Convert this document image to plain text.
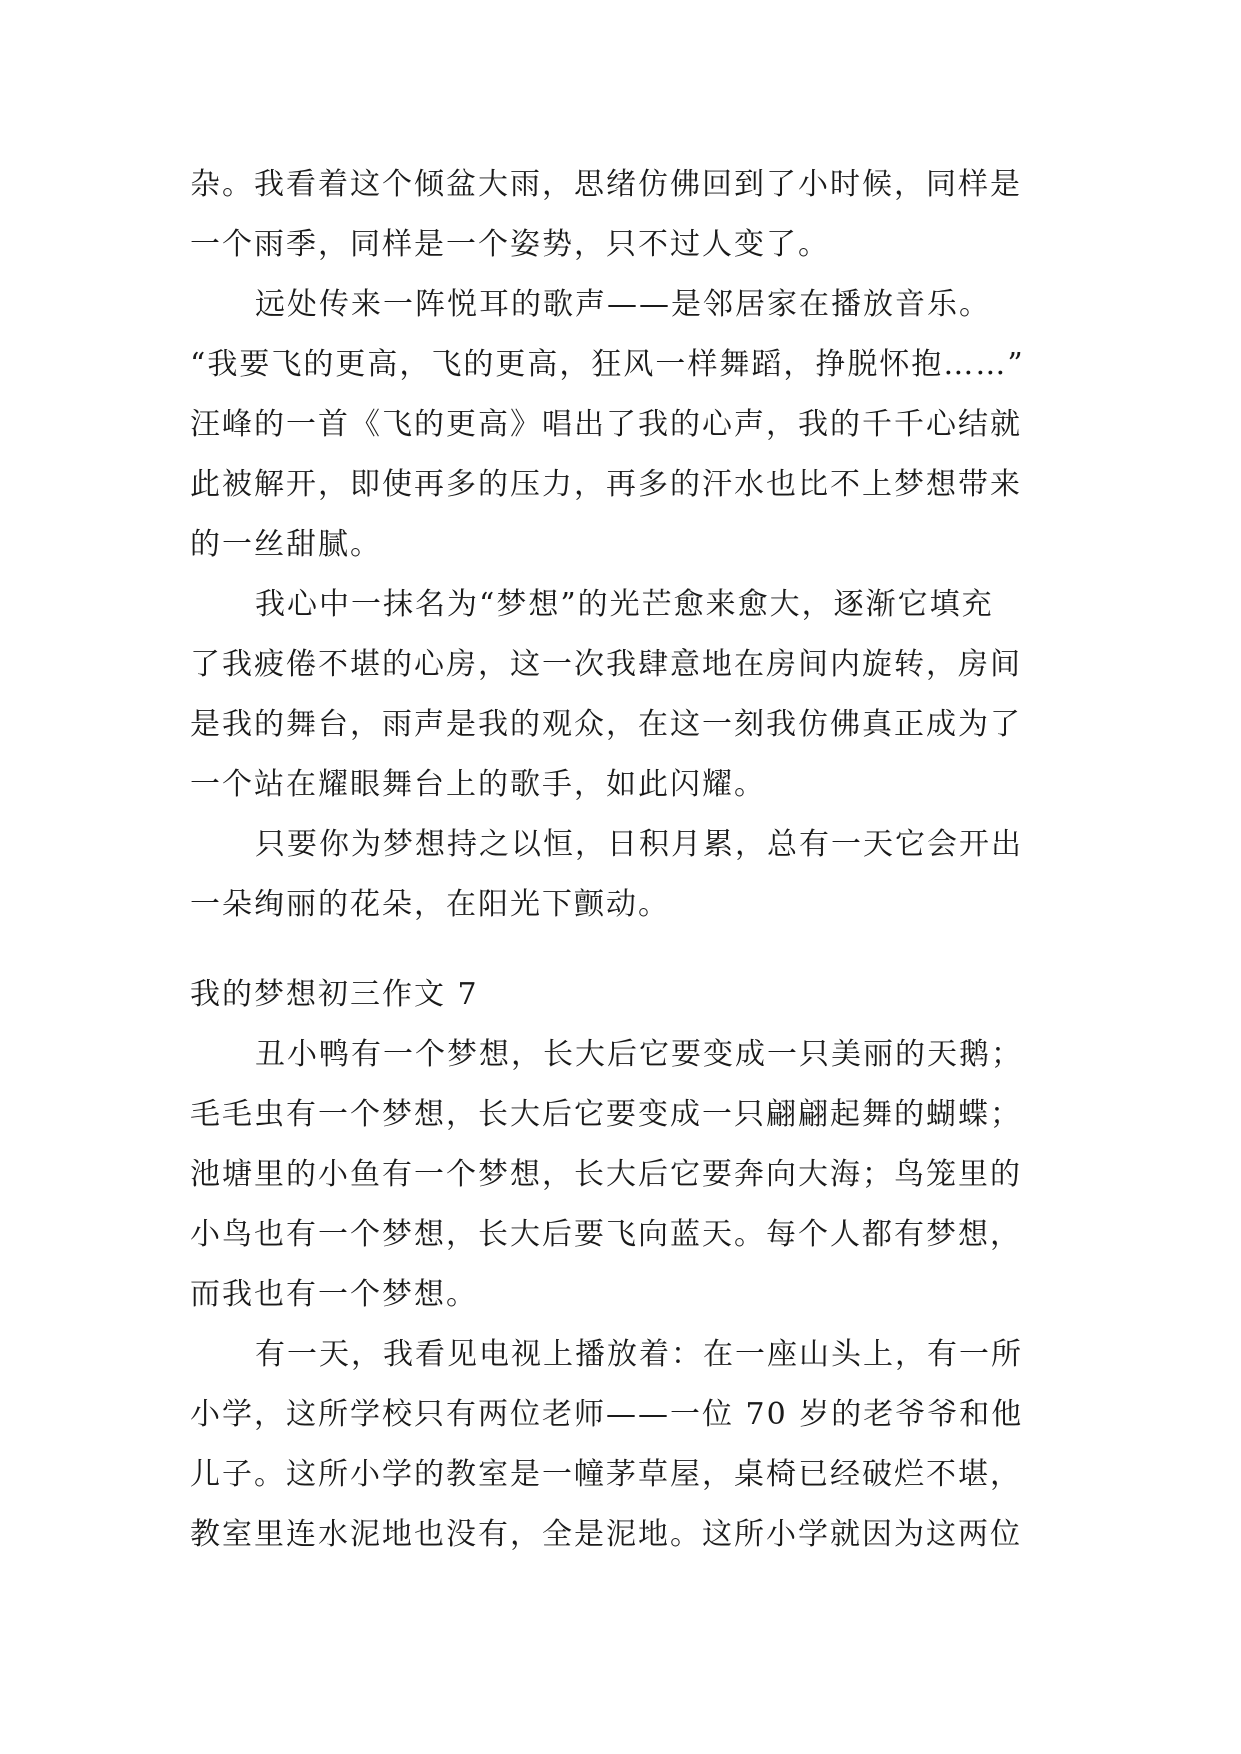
杂。我看着这个倾盆大雨，思绪仿佛回到了小时候，同样是
一个雨季，同样是一个姿势，只不过人变了。
远处传来一阵悦耳的歌声——是邻居家在播放音乐。
“我要飞的更高，飞的更高，狂风一样舞蹈，挣脱怀抱……”
汪峰的一首《飞的更高》唱出了我的心声，我的千千心结就
此被解开，即使再多的压力，再多的汗水也比不上梦想带来
的一丝甜腻。
我心中一抹名为“梦想”的光芒愈来愈大，逐渐它填充
了我疲倦不堪的心房，这一次我肆意地在房间内旋转，房间
是我的舞台，雨声是我的观众，在这一刻我仿佛真正成为了
一个站在耀眼舞台上的歌手，如此闪耀。
只要你为梦想持之以恒，日积月累，总有一天它会开出
一朵绚丽的花朵，在阳光下颤动。
我的梦想初三作文 7
丑小鸭有一个梦想，长大后它要变成一只美丽的天鹅；
毛毛虫有一个梦想，长大后它要变成一只翩翩起舞的蝴蝶；
池塘里的小鱼有一个梦想，长大后它要奔向大海；鸟笼里的
小鸟也有一个梦想，长大后要飞向蓝天。每个人都有梦想，
而我也有一个梦想。
有一天，我看见电视上播放着：在一座山头上，有一所
小学，这所学校只有两位老师——一位 70 岁的老爷爷和他
儿子。这所小学的教室是一幢茅草屋，桌椅已经破烂不堪，
教室里连水泥地也没有，全是泥地。这所小学就因为这两位
